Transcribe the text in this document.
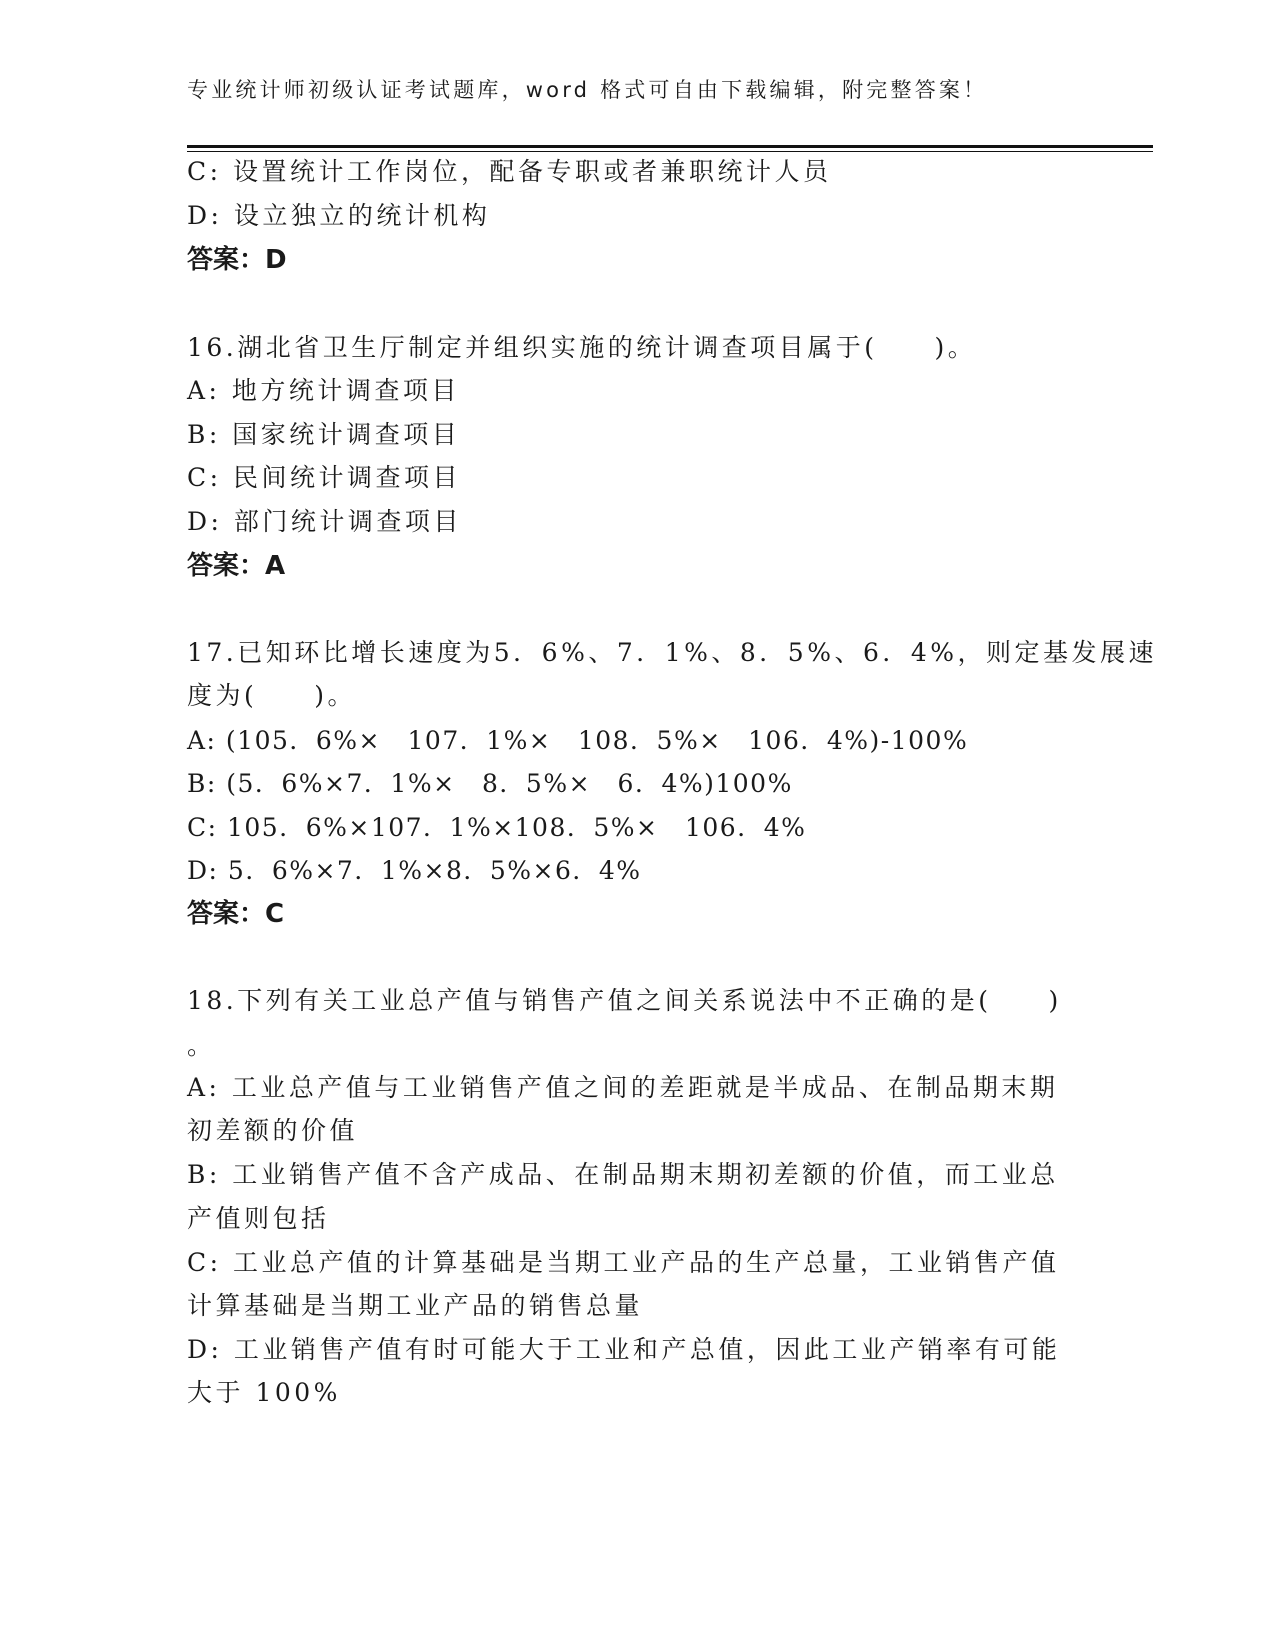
专业统计师初级认证考试题库，word 格式可自由下载编辑，附完整答案！
C: 设置统计工作岗位，配备专职或者兼职统计人员
D: 设立独立的统计机构
答案：D
16.湖北省卫生厅制定并组织实施的统计调查项目属于(　　)。
A: 地方统计调查项目
B: 国家统计调查项目
C: 民间统计调查项目
D: 部门统计调查项目
答案：A
17.已知环比增长速度为5．6%、7．1%、8．5%、6．4%，则定基发展速
度为(　　)。
A: (105．6%×　107．1%×　108．5%×　106．4%)-100%
B: (5．6%×7．1%×　8．5%×　6．4%)100%
C: 105．6%×107．1%×108．5%×　106．4%
D: 5．6%×7．1%×8．5%×6．4%
答案：C
18.下列有关工业总产值与销售产值之间关系说法中不正确的是(　　)
。
A: 工业总产值与工业销售产值之间的差距就是半成品、在制品期末期
初差额的价值
B: 工业销售产值不含产成品、在制品期末期初差额的价值，而工业总
产值则包括
C: 工业总产值的计算基础是当期工业产品的生产总量，工业销售产值
计算基础是当期工业产品的销售总量
D: 工业销售产值有时可能大于工业和产总值，因此工业产销率有可能
大于 100%
